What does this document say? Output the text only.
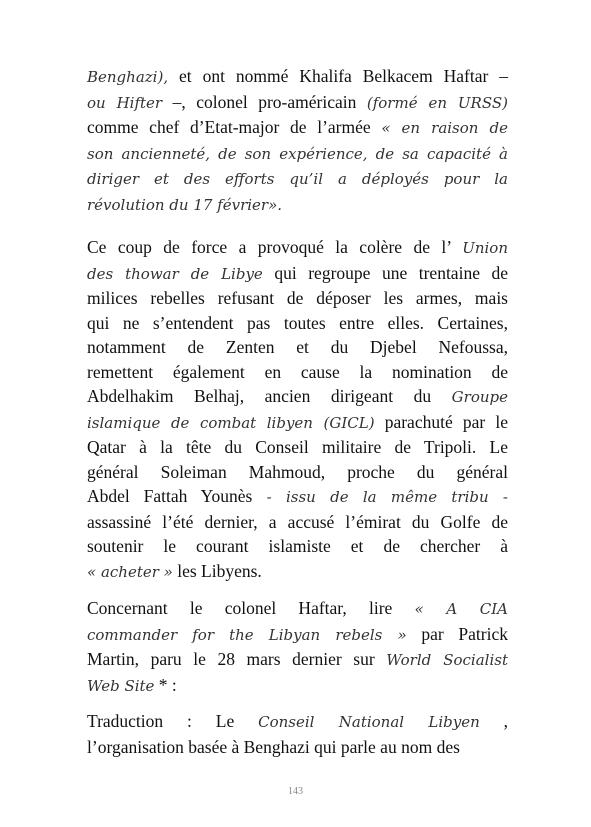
Benghazi), et ont nommé Khalifa Belkacem Haftar –
ou Hifter –, colonel pro-américain (formé en URSS)
comme chef d’Etat-major de l’armée « en raison de
son ancienneté, de son expérience, de sa capacité à
diriger et des efforts qu’il a déployés pour la
révolution du 17 février».
Ce coup de force a provoqué la colère de l’ Union
des thowar de Libye qui regroupe une trentaine de
milices rebelles refusant de déposer les armes, mais
qui ne s’entendent pas toutes entre elles. Certaines,
notamment de Zenten et du Djebel Nefoussa,
remettent également en cause la nomination de
Abdelhakim Belhaj, ancien dirigeant du Groupe
islamique de combat libyen (GICL) parachuté par le
Qatar à la tête du Conseil militaire de Tripoli. Le
général Soleiman Mahmoud, proche du général
Abdel Fattah Younès - issu de la même tribu -
assassiné l’été dernier, a accusé l’émirat du Golfe de
soutenir le courant islamiste et de chercher à
« acheter » les Libyens.
Concernant le colonel Haftar, lire « A CIA
commander for the Libyan rebels » par Patrick
Martin, paru le 28 mars dernier sur World Socialist
Web Site * :
Traduction : Le Conseil National Libyen ,
l’organisation basée à Benghazi qui parle au nom des
143
